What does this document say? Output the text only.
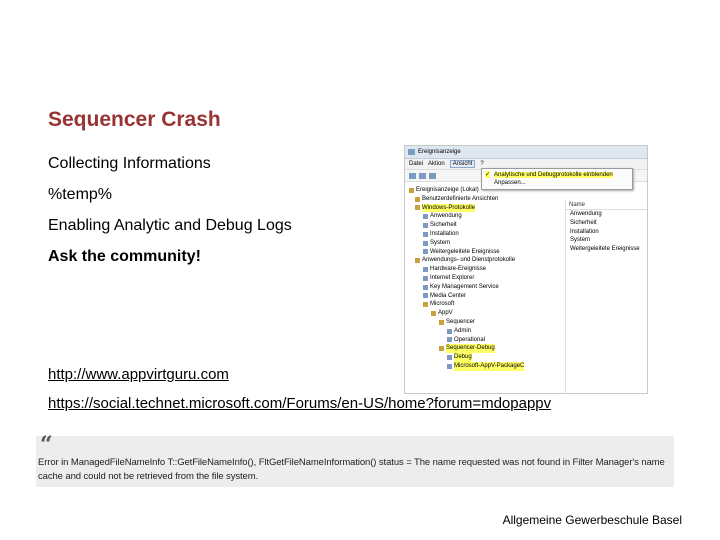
Sequencer Crash
Collecting Informations
%temp%
Enabling Analytic and Debug Logs
Ask the community!
http://www.appvirtguru.com
https://social.technet.microsoft.com/Forums/en-US/home?forum=mdopappv
Ereignisanzeige
Datei Aktion	Ansicht	?
✓ Analytische und Debugprotokolle einblenden
Anpassen...
Ereignisanzeige (Lokal)
Benutzerdefinierte Ansichten
Windows-Protokolle
Anwendung
Sicherheit
Installation
System
Weitergeleitete Ereignisse
Anwendungs- und Dienstprotokolle
Hardware-Ereignisse
Internet Explorer
Key Management Service
Media Center
Microsoft
AppV
Sequencer
Admin
Operational
Sequencer-Debug
Debug
Microsoft-AppV-PackageC
Name
Anwendung
Sicherheit
Installation
System
Weitergeleitete Ereignisse
“
Error in ManagedFileNameInfo T::GetFileNameInfo(), FltGetFileNameInformation() status = The name requested was not found in Filter Manager's name cache and could not be retrieved from the file system.
Allgemeine Gewerbeschule Basel
